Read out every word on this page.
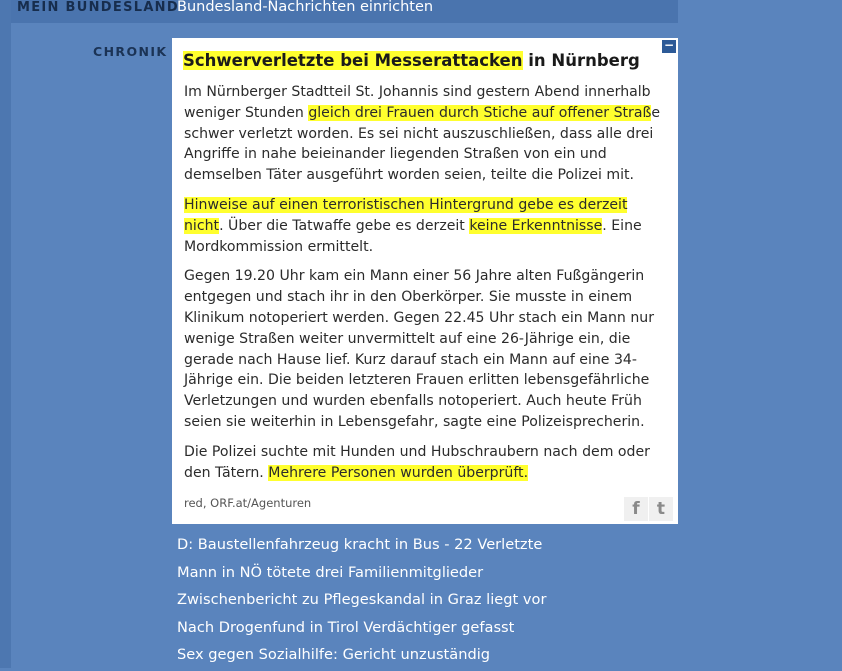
MEIN BUNDESLAND
Bundesland-Nachrichten einrichten
CHRONIK	−
Schwerverletzte bei Messerattacken in Nürnberg

Im Nürnberger Stadtteil St. Johannis sind gestern Abend innerhalb weniger Stunden gleich drei Frauen durch Stiche auf offener Straße schwer verletzt worden. Es sei nicht auszuschließen, dass alle drei Angriffe in nahe beieinander liegenden Straßen von ein und demselben Täter ausgeführt worden seien, teilte die Polizei mit.

Hinweise auf einen terroristischen Hintergrund gebe es derzeit nicht. Über die Tatwaffe gebe es derzeit keine Erkenntnisse. Eine Mordkommission ermittelt.

Gegen 19.20 Uhr kam ein Mann einer 56 Jahre alten Fußgängerin entgegen und stach ihr in den Oberkörper. Sie musste in einem Klinikum notoperiert werden. Gegen 22.45 Uhr stach ein Mann nur wenige Straßen weiter unvermittelt auf eine 26-Jährige ein, die gerade nach Hause lief. Kurz darauf stach ein Mann auf eine 34-Jährige ein. Die beiden letzteren Frauen erlitten lebensgefährliche Verletzungen und wurden ebenfalls notoperiert. Auch heute Früh seien sie weiterhin in Lebensgefahr, sagte eine Polizeisprecherin.

Die Polizei suchte mit Hunden und Hubschraubern nach dem oder den Tätern. Mehrere Personen wurden überprüft.

red, ORF.at/Agenturen	f	t
D: Baustellenfahrzeug kracht in Bus - 22 Verletzte
Mann in NÖ tötete drei Familienmitglieder
Zwischenbericht zu Pflegeskandal in Graz liegt vor
Nach Drogenfund in Tirol Verdächtiger gefasst
Sex gegen Sozialhilfe: Gericht unzuständig
